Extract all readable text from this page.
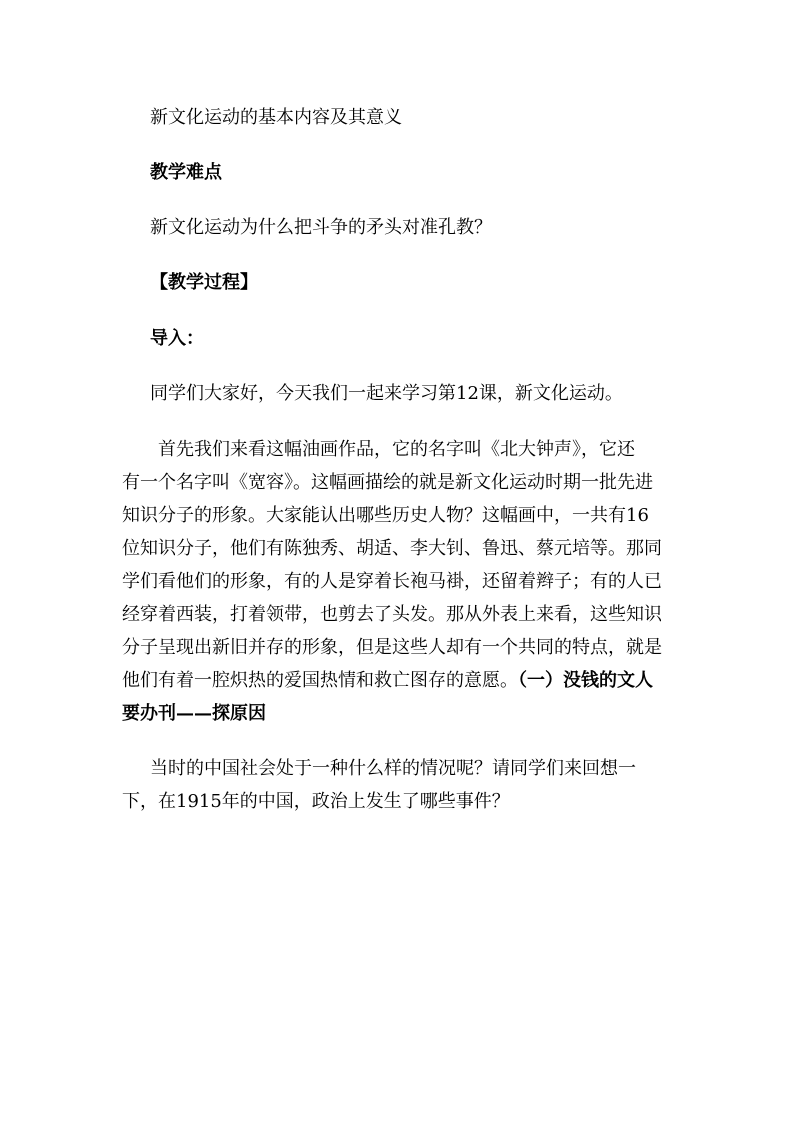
新文化运动的基本内容及其意义
教学难点
新文化运动为什么把斗争的矛头对准孔教？
【教学过程】
导入：
同学们大家好，今天我们一起来学习第12课，新文化运动。
首先我们来看这幅油画作品，它的名字叫《北大钟声》，它还
有一个名字叫《宽容》。这幅画描绘的就是新文化运动时期一批先进
知识分子的形象。大家能认出哪些历史人物？这幅画中，一共有16
位知识分子，他们有陈独秀、胡适、李大钊、鲁迅、蔡元培等。那同
学们看他们的形象，有的人是穿着长袍马褂，还留着辫子；有的人已
经穿着西装，打着领带，也剪去了头发。那从外表上来看，这些知识
分子呈现出新旧并存的形象，但是这些人却有一个共同的特点，就是
他们有着一腔炽热的爱国热情和救亡图存的意愿。（一）没钱的文人
要办刊——探原因
当时的中国社会处于一种什么样的情况呢？请同学们来回想一
下，在1915年的中国，政治上发生了哪些事件？
